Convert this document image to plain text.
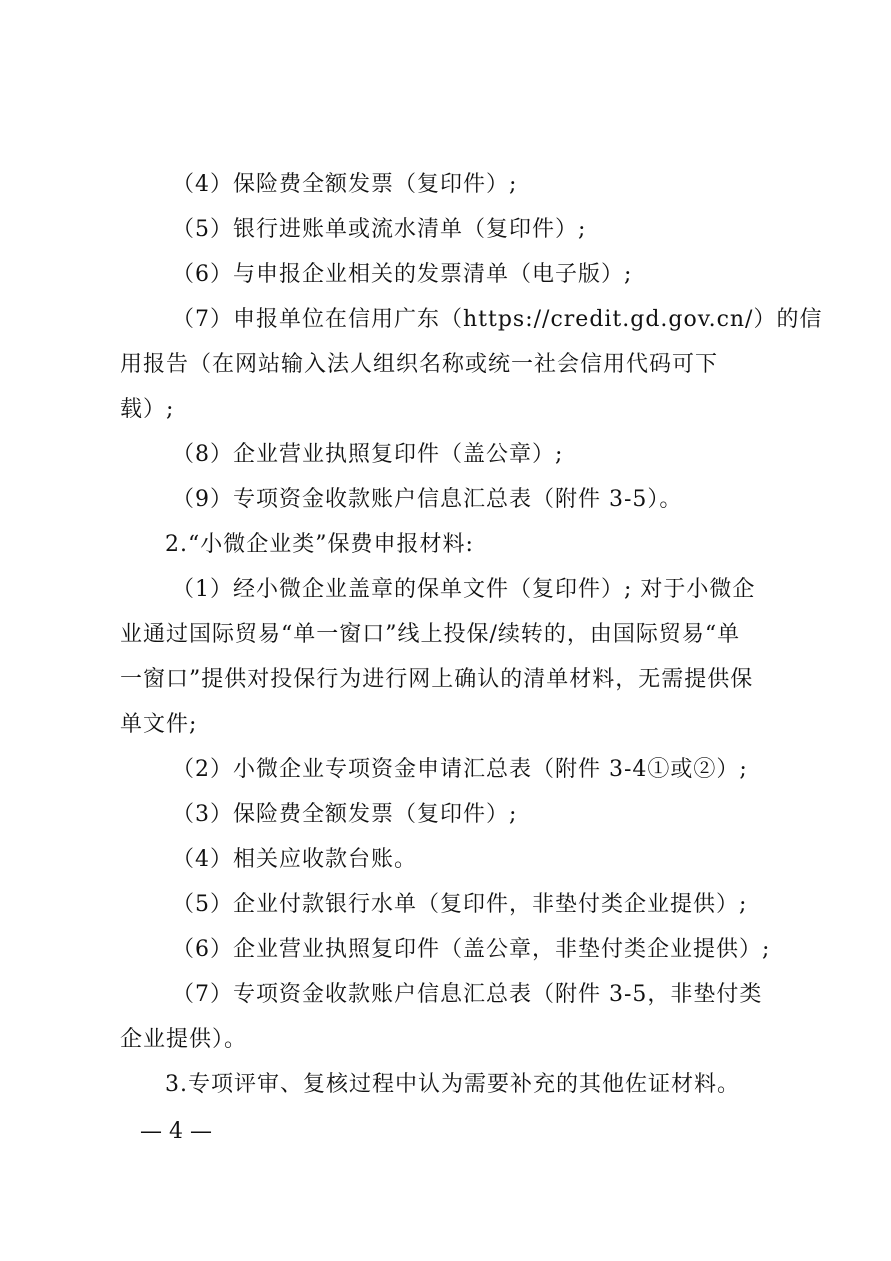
（4）保险费全额发票（复印件）;
（5）银行进账单或流水清单（复印件）;
（6）与申报企业相关的发票清单（电子版）;
（7）申报单位在信用广东（https://credit.gd.gov.cn/）的信
用报告（在网站输入法人组织名称或统一社会信用代码可下
载）;
（8）企业营业执照复印件（盖公章）;
（9）专项资金收款账户信息汇总表（附件 3-5）。
2.“小微企业类”保费申报材料:
（1）经小微企业盖章的保单文件（复印件）; 对于小微企
业通过国际贸易“单一窗口”线上投保/续转的，由国际贸易“单
一窗口”提供对投保行为进行网上确认的清单材料，无需提供保
单文件;
（2）小微企业专项资金申请汇总表（附件 3-4①或②）;
（3）保险费全额发票（复印件）;
（4）相关应收款台账。
（5）企业付款银行水单（复印件，非垫付类企业提供）;
（6）企业营业执照复印件（盖公章，非垫付类企业提供）;
（7）专项资金收款账户信息汇总表（附件 3-5，非垫付类
企业提供）。
3.专项评审、复核过程中认为需要补充的其他佐证材料。
— 4 —
